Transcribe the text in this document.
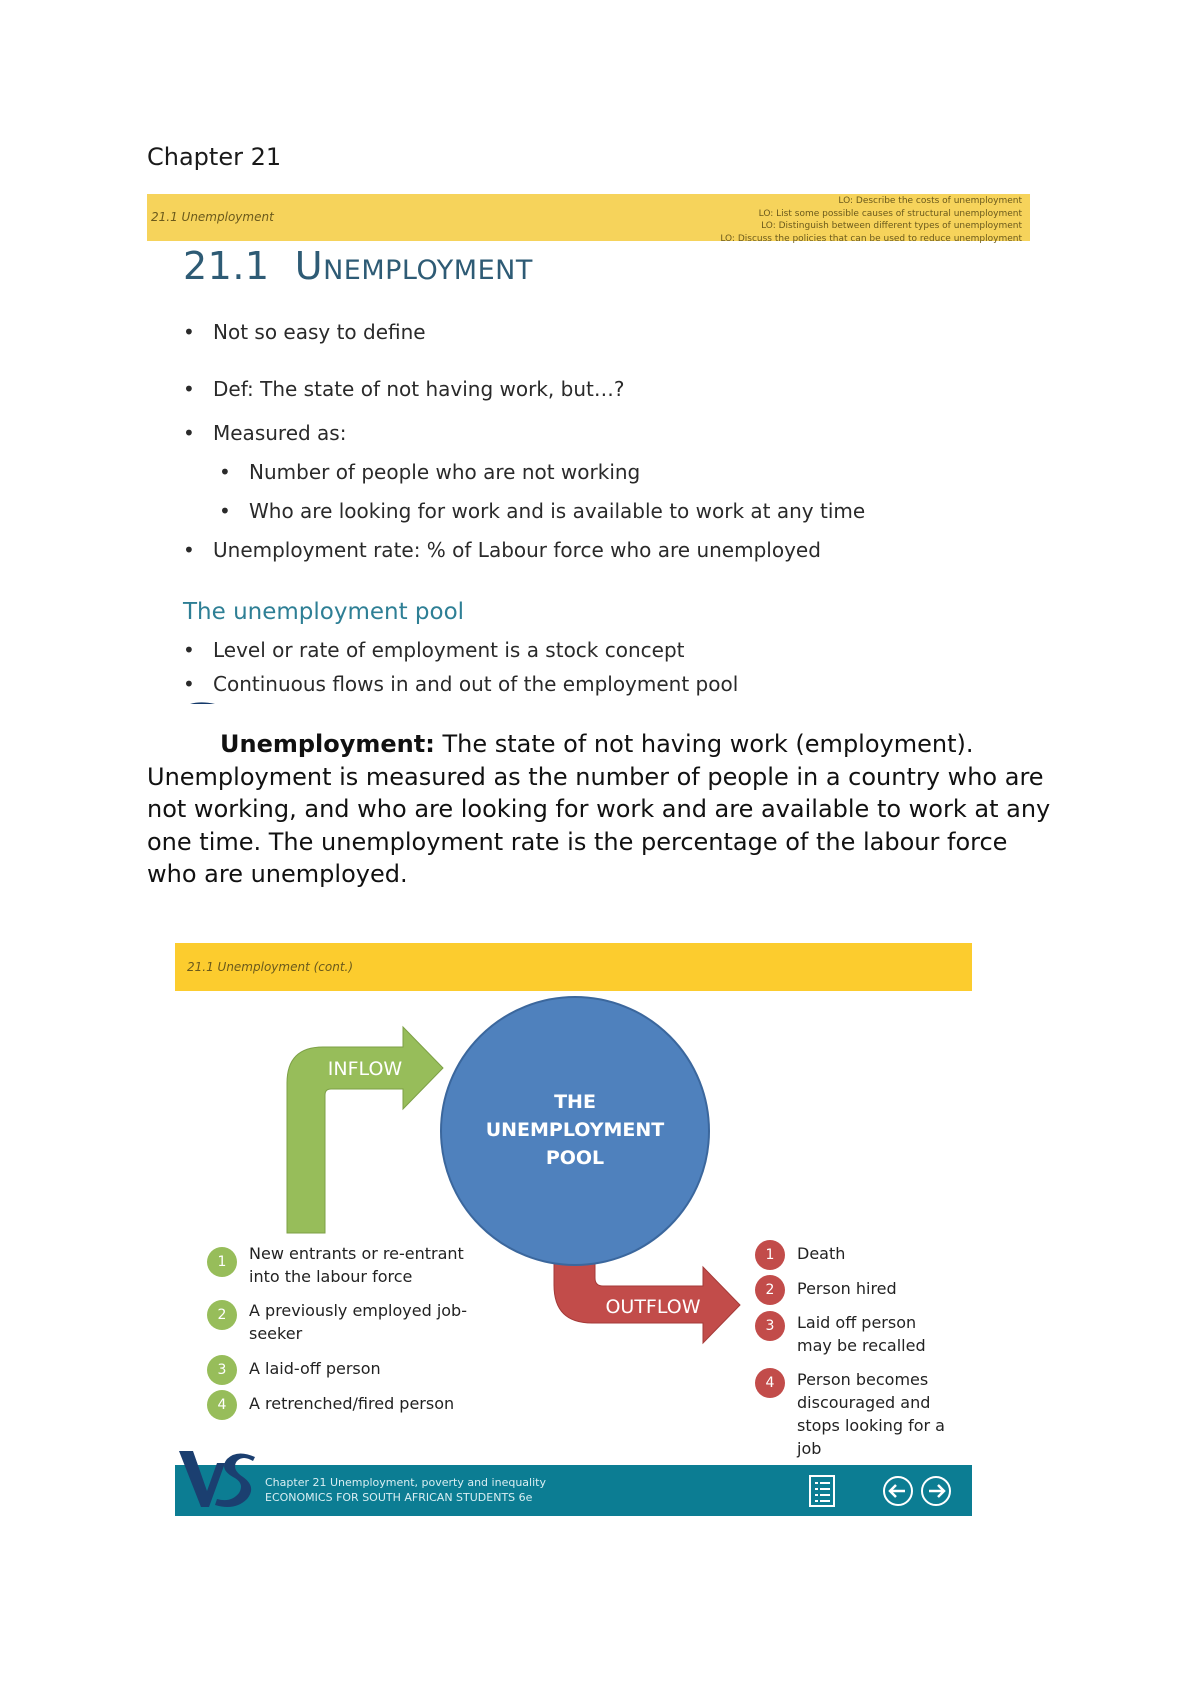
Chapter 21
21.1 Unemployment
LO: Describe the costs of unemployment
LO: List some possible causes of structural unemployment
LO: Distinguish between different types of unemployment
LO: Discuss the policies that can be used to reduce unemployment
21.1 Unemployment
• Not so easy to define
• Def: The state of not having work, but…?
• Measured as:
• Number of people who are not working
• Who are looking for work and is available to work at any time
• Unemployment rate: % of Labour force who are unemployed
The unemployment pool
• Level or rate of employment is a stock concept
• Continuous flows in and out of the employment pool
Unemployment: The state of not having work (employment). Unemployment is measured as the number of people in a country who are not working, and who are looking for work and are available to work at any one time. The unemployment rate is the percentage of the labour force who are unemployed.
21.1 Unemployment (cont.)
INFLOW
OUTFLOW
THE
UNEMPLOYMENT
POOL
1	New entrants or re-entrant
into the labour force
2	A previously employed job-
seeker
3	A laid-off person
4	A retrenched/fired person
1	Death
2	Person hired
3	Laid off person
may be recalled
4	Person becomes
discouraged and
stops looking for a
job
Chapter 21 Unemployment, poverty and inequality
ECONOMICS FOR SOUTH AFRICAN STUDENTS 6e
